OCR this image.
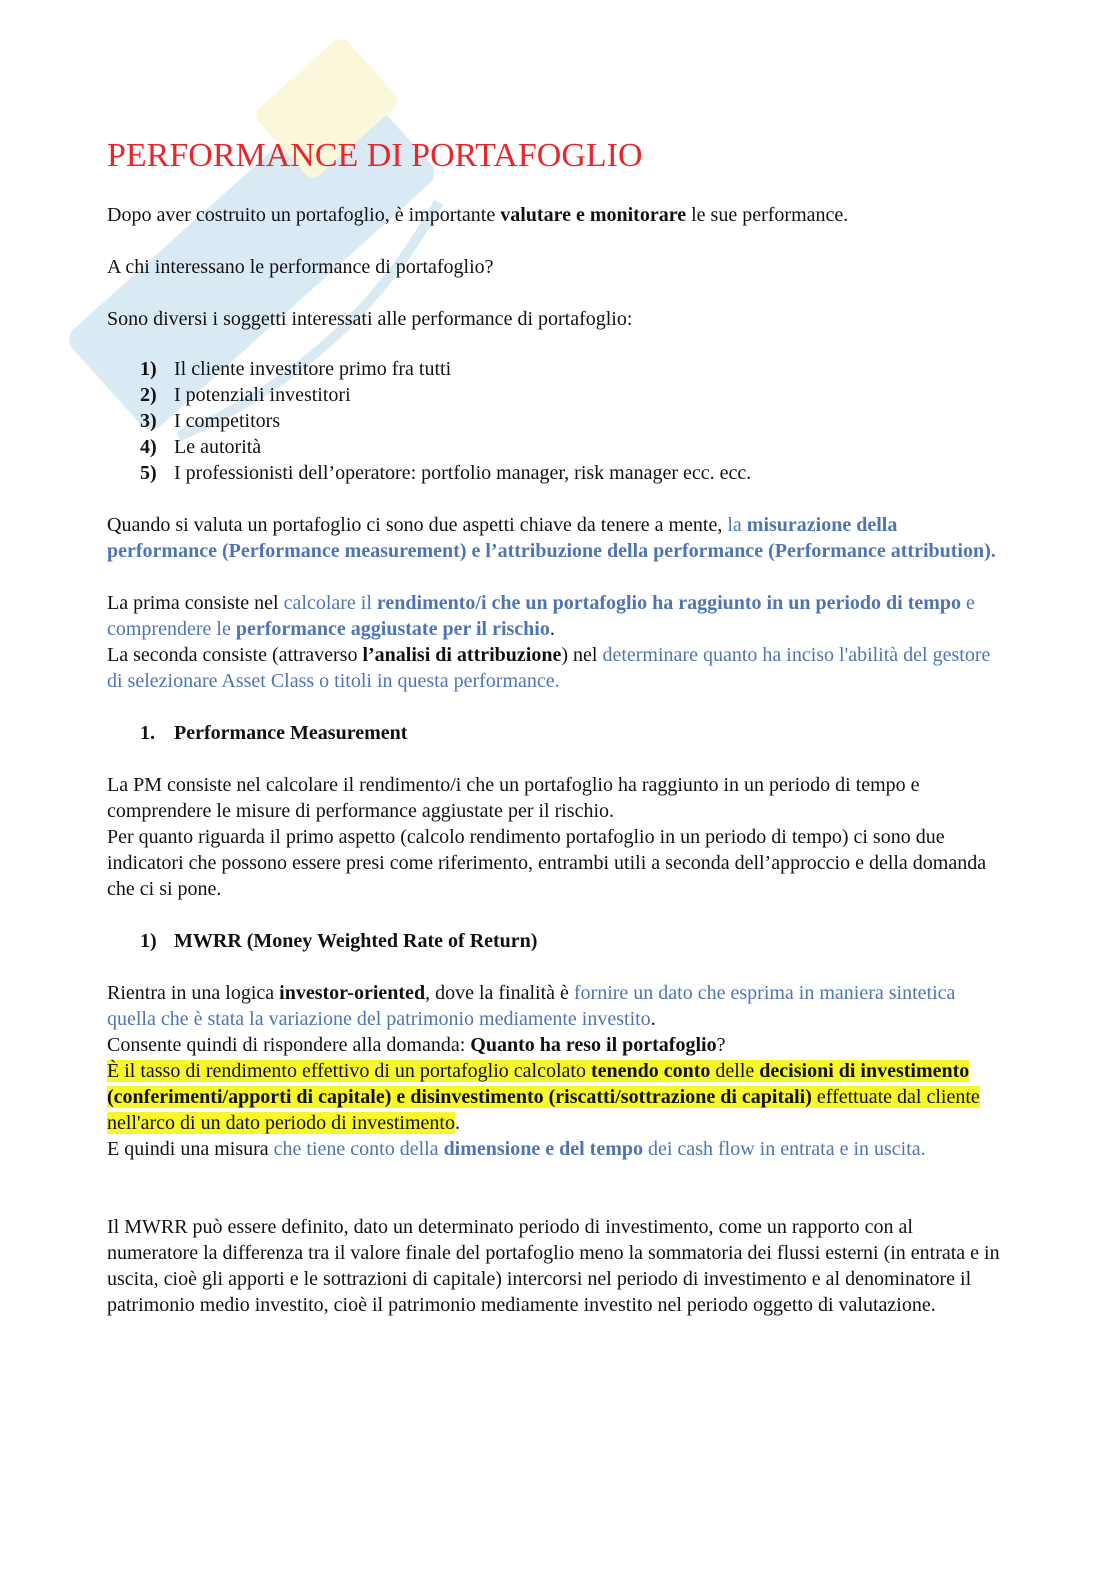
PERFORMANCE DI PORTAFOGLIO

Dopo aver costruito un portafoglio, è importante valutare e monitorare le sue performance.

A chi interessano le performance di portafoglio?

Sono diversi i soggetti interessati alle performance di portafoglio:

1) Il cliente investitore primo fra tutti
2) I potenziali investitori
3) I competitors
4) Le autorità
5) I professionisti dell’operatore: portfolio manager, risk manager ecc. ecc.

Quando si valuta un portafoglio ci sono due aspetti chiave da tenere a mente, la misurazione della performance (Performance measurement) e l’attribuzione della performance (Performance attribution).

La prima consiste nel calcolare il rendimento/i che un portafoglio ha raggiunto in un periodo di tempo e comprendere le performance aggiustate per il rischio.

La seconda consiste (attraverso l’analisi di attribuzione) nel determinare quanto ha inciso l'abilità del gestore di selezionare Asset Class o titoli in questa performance.

1. Performance Measurement

La PM consiste nel calcolare il rendimento/i che un portafoglio ha raggiunto in un periodo di tempo e comprendere le misure di performance aggiustate per il rischio.

Per quanto riguarda il primo aspetto (calcolo rendimento portafoglio in un periodo di tempo) ci sono due indicatori che possono essere presi come riferimento, entrambi utili a seconda dell’approccio e della domanda che ci si pone.

1) MWRR (Money Weighted Rate of Return)

Rientra in una logica investor-oriented, dove la finalità è fornire un dato che esprima in maniera sintetica quella che è stata la variazione del patrimonio mediamente investito.

Consente quindi di rispondere alla domanda: Quanto ha reso il portafoglio?

È il tasso di rendimento effettivo di un portafoglio calcolato tenendo conto delle decisioni di investimento (conferimenti/apporti di capitale) e disinvestimento (riscatti/sottrazione di capitali) effettuate dal cliente nell'arco di un dato periodo di investimento.

E quindi una misura che tiene conto della dimensione e del tempo dei cash flow in entrata e in uscita.

Il MWRR può essere definito, dato un determinato periodo di investimento, come un rapporto con al numeratore la differenza tra il valore finale del portafoglio meno la sommatoria dei flussi esterni (in entrata e in uscita, cioè gli apporti e le sottrazioni di capitale) intercorsi nel periodo di investimento e al denominatore il patrimonio medio investito, cioè il patrimonio mediamente investito nel periodo oggetto di valutazione.
